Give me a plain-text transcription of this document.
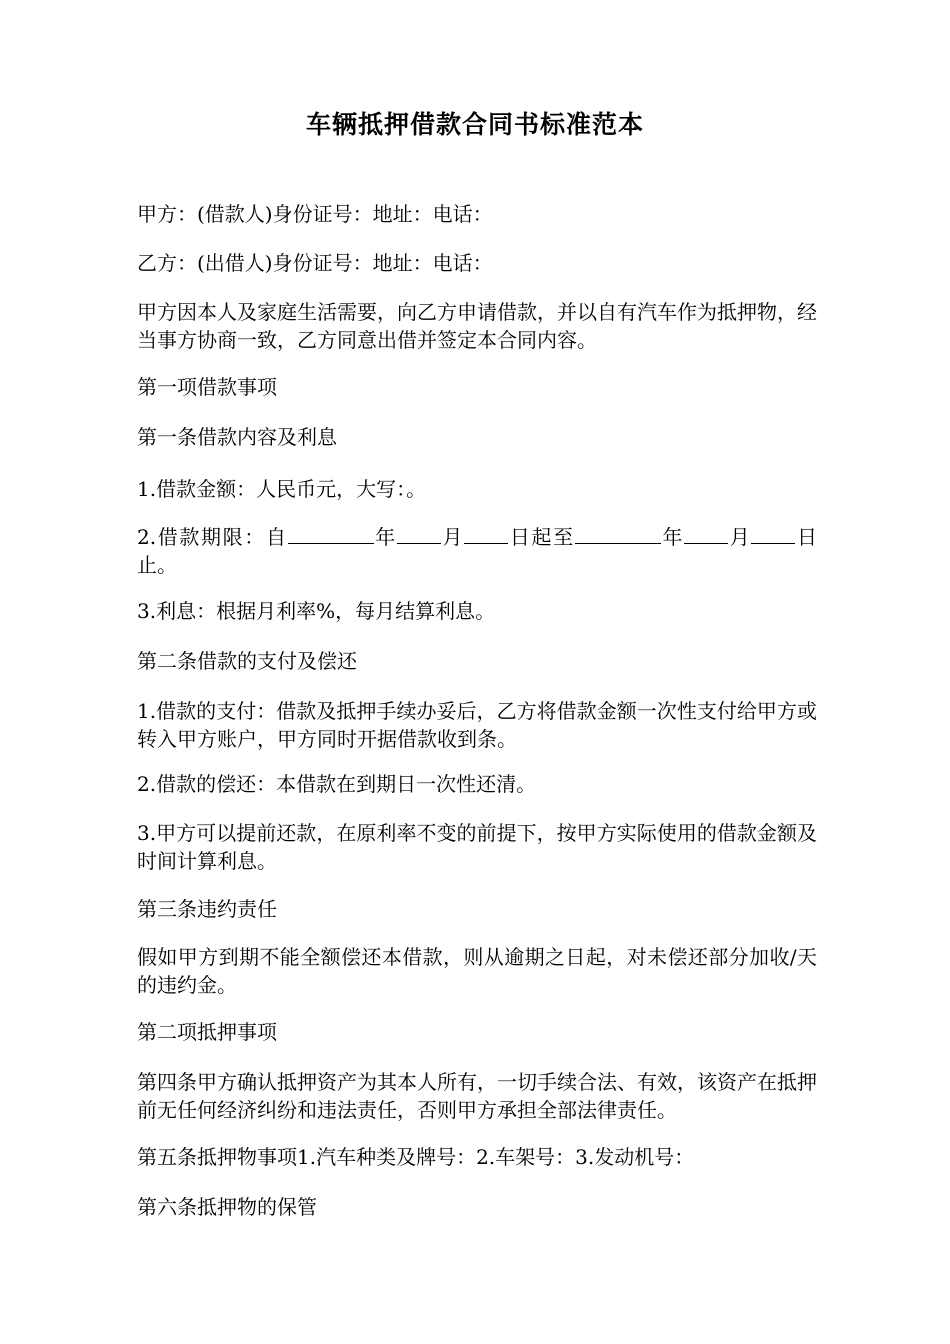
车辆抵押借款合同书标准范本
甲方：(借款人)身份证号：地址：电话：
乙方：(出借人)身份证号：地址：电话：
甲方因本人及家庭生活需要，向乙方申请借款，并以自有汽车作为抵押物，经当事方协商一致，乙方同意出借并签定本合同内容。
第一项借款事项
第一条借款内容及利息
1.借款金额：人民币元，大写：。
2.借款期限：自	年 月 日起至	年 月 日止。
3.利息：根据月利率%，每月结算利息。
第二条借款的支付及偿还
1.借款的支付：借款及抵押手续办妥后，乙方将借款金额一次性支付给甲方或转入甲方账户，甲方同时开据借款收到条。
2.借款的偿还：本借款在到期日一次性还清。
3.甲方可以提前还款，在原利率不变的前提下，按甲方实际使用的借款金额及时间计算利息。
第三条违约责任
假如甲方到期不能全额偿还本借款，则从逾期之日起，对未偿还部分加收/天的违约金。
第二项抵押事项
第四条甲方确认抵押资产为其本人所有，一切手续合法、有效，该资产在抵押前无任何经济纠纷和违法责任，否则甲方承担全部法律责任。
第五条抵押物事项1.汽车种类及牌号：2.车架号：3.发动机号：
第六条抵押物的保管
